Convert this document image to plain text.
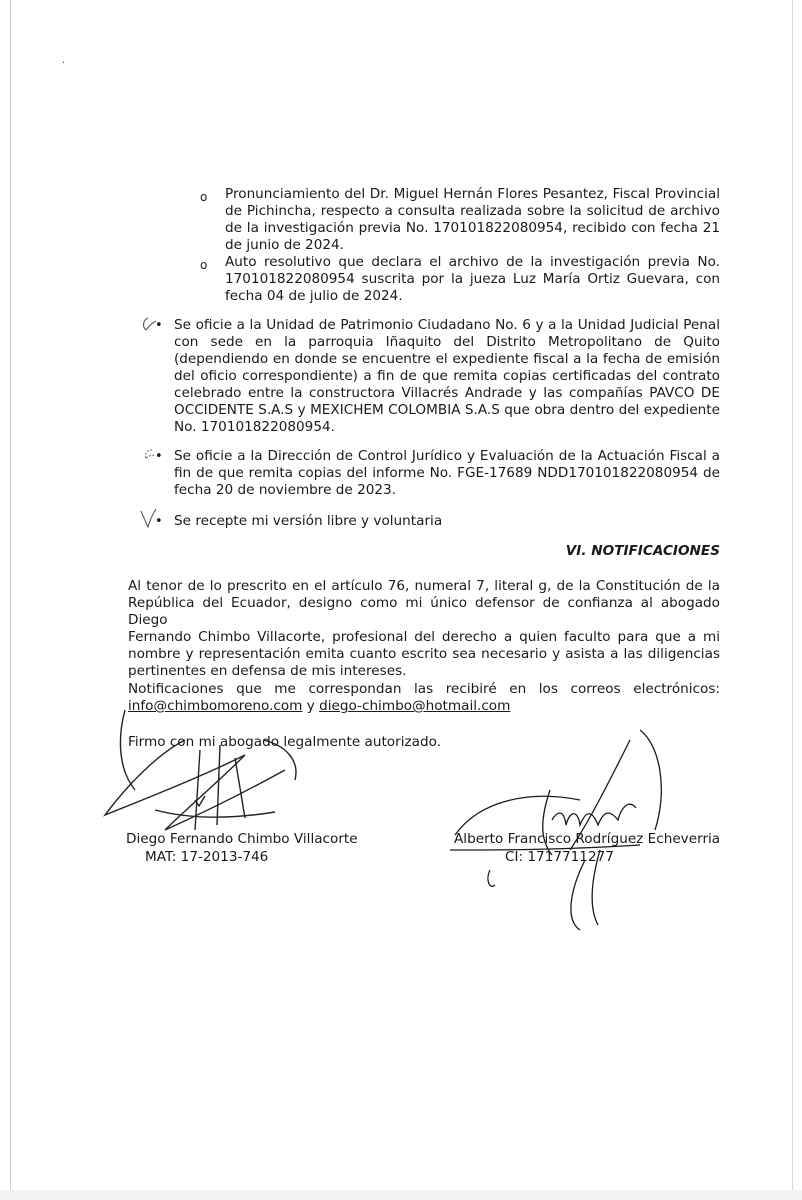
·
o Pronunciamiento del Dr. Miguel Hernán Flores Pesantez, Fiscal Provincial
de Pichincha, respecto a consulta realizada sobre la solicitud de archivo
de la investigación previa No. 170101822080954, recibido con fecha 21
de junio de 2024.
o Auto resolutivo que declara el archivo de la investigación previa No.
170101822080954 suscrita por la jueza Luz María Ortiz Guevara, con
fecha 04 de julio de 2024.
• Se oficie a la Unidad de Patrimonio Ciudadano No. 6 y a la Unidad Judicial Penal
con sede en la parroquia Iñaquito del Distrito Metropolitano de Quito
(dependiendo en donde se encuentre el expediente fiscal a la fecha de emisión
del oficio correspondiente) a fin de que remita copias certificadas del contrato
celebrado entre la constructora Villacrés Andrade y las compañías PAVCO DE
OCCIDENTE S.A.S y MEXICHEM COLOMBIA S.A.S que obra dentro del expediente
No. 170101822080954.
• Se oficie a la Dirección de Control Jurídico y Evaluación de la Actuación Fiscal a
fin de que remita copias del informe No. FGE-17689 NDD170101822080954 de
fecha 20 de noviembre de 2023.
• Se recepte mi versión libre y voluntaria
VI. NOTIFICACIONES
Al tenor de lo prescrito en el artículo 76, numeral 7, literal g, de la Constitución de la
República del Ecuador, designo como mi único defensor de confianza al abogado Diego
Fernando Chimbo Villacorte, profesional del derecho a quien faculto para que a mi
nombre y representación emita cuanto escrito sea necesario y asista a las diligencias
pertinentes en defensa de mis intereses.
Notificaciones que me correspondan las recibiré en los correos electrónicos:
info@chimbomoreno.com y diego-chimbo@hotmail.com
Firmo con mi abogado legalmente autorizado.
Diego Fernando Chimbo Villacorte
MAT: 17-2013-746
Alberto Francisco Rodríguez Echeverria
CI: 1717711277
